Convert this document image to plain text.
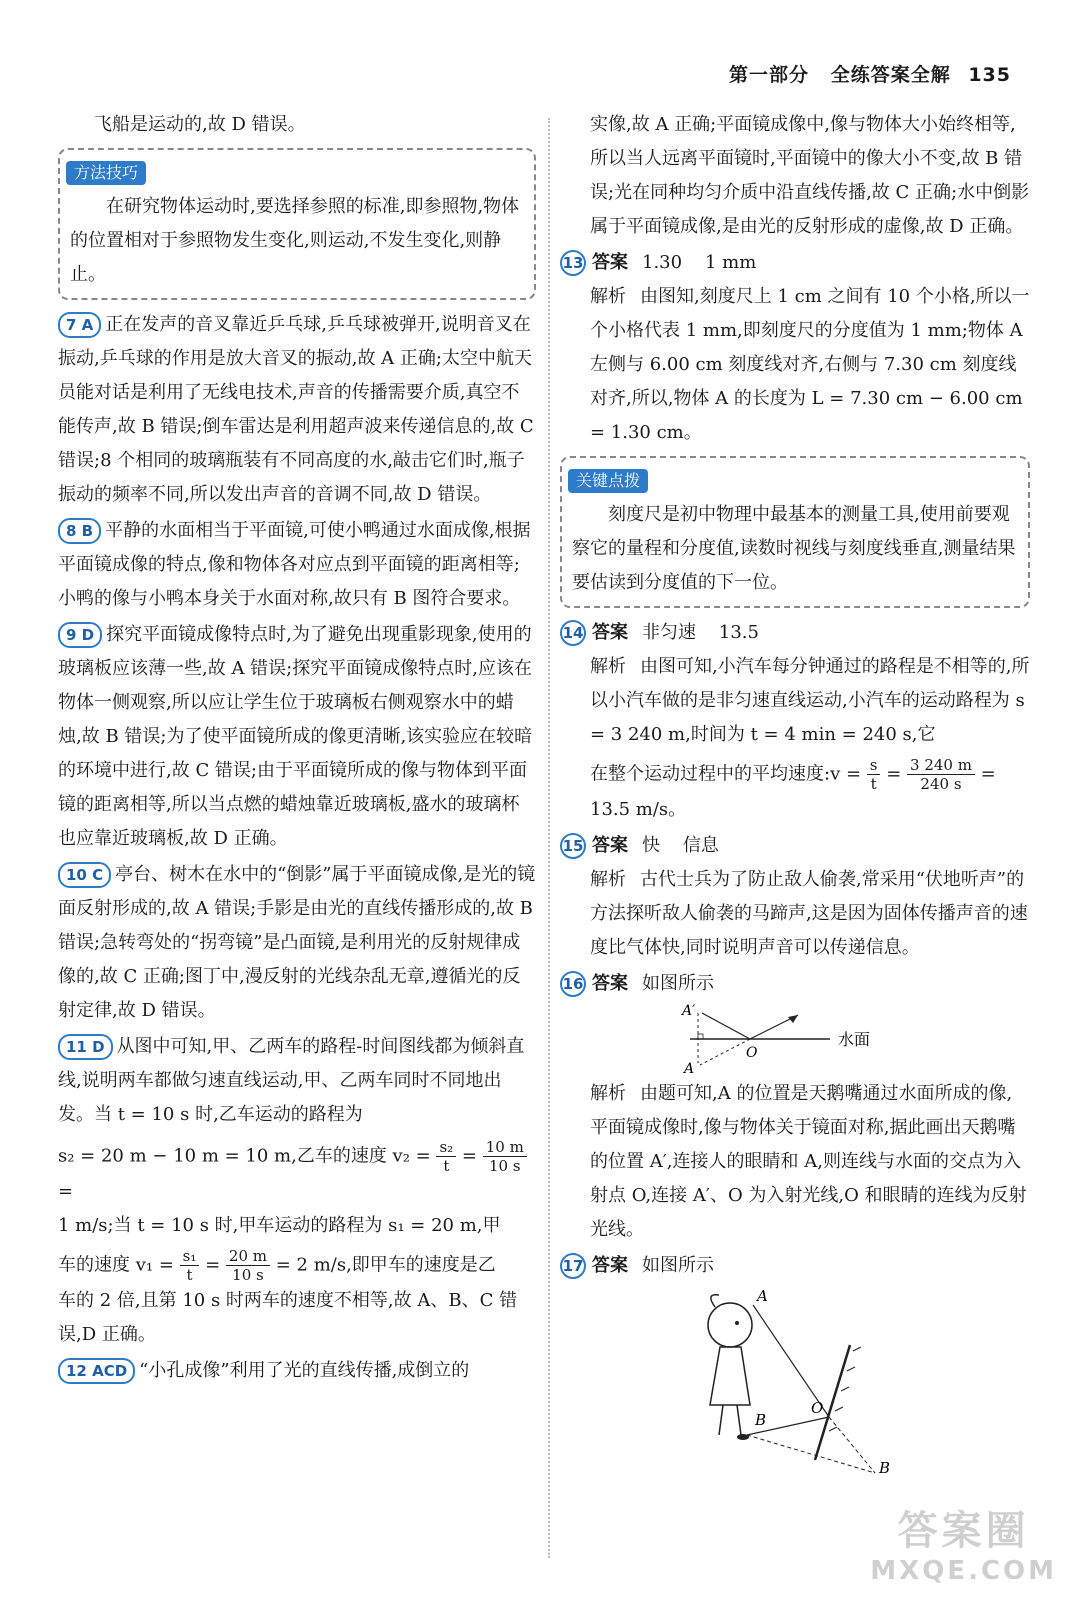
第一部分 全练答案全解 135

飞船是运动的,故 D 错误。

方法技巧

在研究物体运动时,要选择参照的标准,即参照物,物体的位置相对于参照物发生变化,则运动,不发生变化,则静止。

7 A 正在发声的音叉靠近乒乓球,乒乓球被弹开,说明音叉在振动,乒乓球的作用是放大音叉的振动,故 A 正确;太空中航天员能对话是利用了无线电技术,声音的传播需要介质,真空不能传声,故 B 错误;倒车雷达是利用超声波来传递信息的,故 C 错误;8 个相同的玻璃瓶装有不同高度的水,敲击它们时,瓶子振动的频率不同,所以发出声音的音调不同,故 D 错误。

8 B 平静的水面相当于平面镜,可使小鸭通过水面成像,根据平面镜成像的特点,像和物体各对应点到平面镜的距离相等;小鸭的像与小鸭本身关于水面对称,故只有 B 图符合要求。

9 D 探究平面镜成像特点时,为了避免出现重影现象,使用的玻璃板应该薄一些,故 A 错误;探究平面镜成像特点时,应该在物体一侧观察,所以应让学生位于玻璃板右侧观察水中的蜡烛,故 B 错误;为了使平面镜所成的像更清晰,该实验应在较暗的环境中进行,故 C 错误;由于平面镜所成的像与物体到平面镜的距离相等,所以当点燃的蜡烛靠近玻璃板,盛水的玻璃杯也应靠近玻璃板,故 D 正确。

10 C 亭台、树木在水中的“倒影”属于平面镜成像,是光的镜面反射形成的,故 A 错误;手影是由光的直线传播形成的,故 B 错误;急转弯处的“拐弯镜”是凸面镜,是利用光的反射规律成像的,故 C 正确;图丁中,漫反射的光线杂乱无章,遵循光的反射定律,故 D 错误。

11 D 从图中可知,甲、乙两车的路程-时间图线都为倾斜直线,说明两车都做匀速直线运动,甲、乙两车同时不同地出发。当 t = 10 s 时,乙车运动的路程为

s₂ = 20 m − 10 m = 10 m,乙车的速度 $v_2 = \frac{\text{s₂}}{t} = \frac{10 m}{10 s}$
=

1 m/s;当 t = 10 s 时,甲车运动的路程为 s₁ = 20 m,甲

车的速度 $v_1 = \frac{\text{s₁}}{t} = \frac{20 m}{10 s} = 2$ m/s,即甲车的速度是乙

车的 2 倍,且第 10 s 时两车的速度不相等,故 A、B、C 错误,D 正确。

12 ACD “小孔成像”利用了光的直线传播,成倒立的

实像,故 A 正确;平面镜成像中,像与物体大小始终相等,所以当人远离平面镜时,平面镜中的像大小不变,故 B 错误;光在同种均匀介质中沿直线传播,故 C 正确;水中倒影属于平面镜成像,是由光的反射形成的虚像,故 D 正确。

13 答案 1.30    1 mm

解析 由图知,刻度尺上 1 cm 之间有 10 个小格,所以一个小格代表 1 mm,即刻度尺的分度值为 1 mm;物体 A 左侧与 6.00 cm 刻度线对齐,右侧与 7.30 cm 刻度线对齐,所以,物体 A 的长度为 L = 7.30 cm − 6.00 cm = 1.30 cm。

关键点拨

刻度尺是初中物理中最基本的测量工具,使用前要观察它的量程和分度值,读数时视线与刻度线垂直,测量结果要估读到分度值的下一位。

14 答案 非匀速    13.5

解析 由图可知,小汽车每分钟通过的路程是不相等的,所以小汽车做的是非匀速直线运动,小汽车的运动路程为 s = 3 240 m,时间为 t = 4 min = 240 s,它

在整个运动过程中的平均速度:v = $\frac{s}{t} = \frac{3 240 m}{240 s}$ =

13.5 m/s。

15 答案 快    信息

解析 古代士兵为了防止敌人偷袭,常采用“伏地听声”的方法探听敌人偷袭的马蹄声,这是因为固体传播声音的速度比气体快,同时说明声音可以传递信息。

16 答案 如图所示

A′
A
O
水面

解析 由题可知,A 的位置是天鹅嘴通过水面所成的像,平面镜成像时,像与物体关于镜面对称,据此画出天鹅嘴的位置 A′,连接人的眼睛和 A,则连线与水面的交点为入射点 O,连接 A′、O 为入射光线,O 和眼睛的连线为反射光线。

17 答案 如图所示

A
B
O
B
答案圈
MXQE.COM
